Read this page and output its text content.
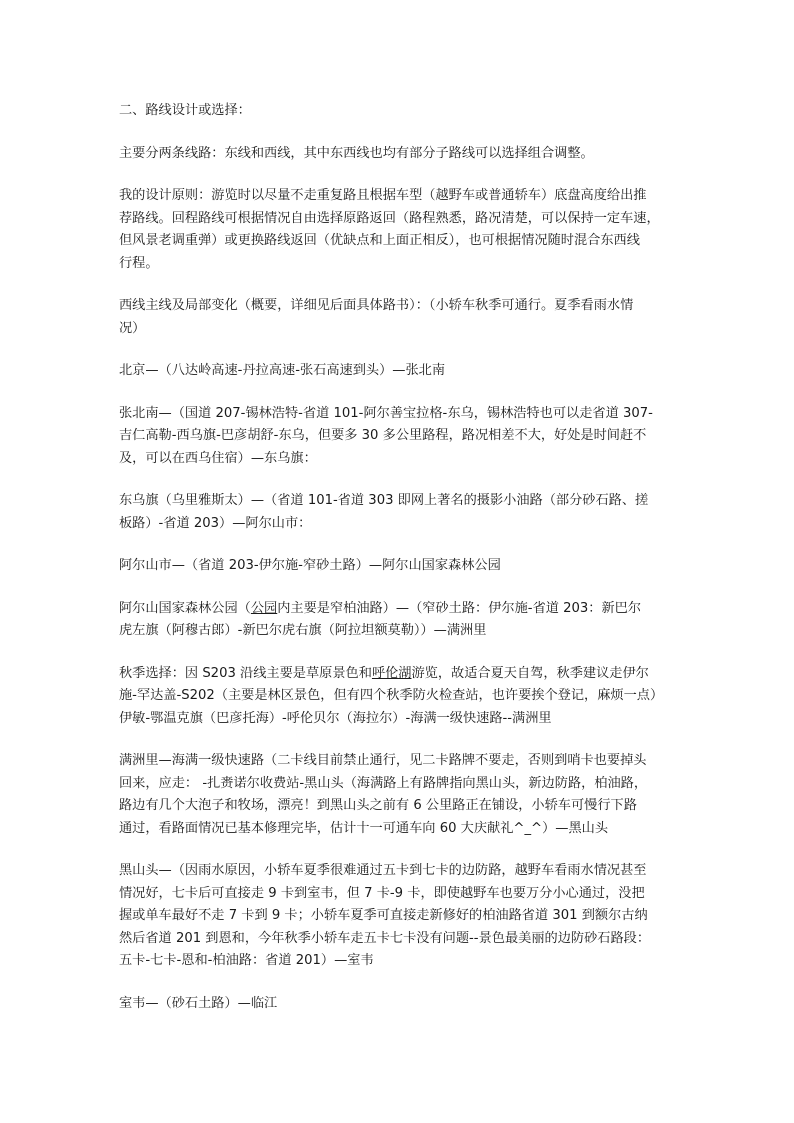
二、路线设计或选择：

主要分两条线路：东线和西线，其中东西线也均有部分子路线可以选择组合调整。

我的设计原则：游览时以尽量不走重复路且根据车型（越野车或普通轿车）底盘高度给出推
荐路线。回程路线可根据情况自由选择原路返回（路程熟悉，路况清楚，可以保持一定车速，
但风景老调重弹）或更换路线返回（优缺点和上面正相反），也可根据情况随时混合东西线
行程。

西线主线及局部变化（概要，详细见后面具体路书）：（小轿车秋季可通行。夏季看雨水情
况）

北京—（八达岭高速-丹拉高速-张石高速到头）—张北南

张北南—（国道 207-锡林浩特-省道 101-阿尔善宝拉格-东乌，锡林浩特也可以走省道 307-
吉仁高勒-西乌旗-巴彦胡舒-东乌，但要多 30 多公里路程，路况相差不大，好处是时间赶不
及，可以在西乌住宿）—东乌旗：

东乌旗（乌里雅斯太）—（省道 101-省道 303 即网上著名的摄影小油路（部分砂石路、搓
板路）-省道 203）—阿尔山市：

阿尔山市—（省道 203-伊尔施-窄砂土路）—阿尔山国家森林公园

阿尔山国家森林公园（公园内主要是窄柏油路）—（窄砂土路：伊尔施-省道 203：新巴尔
虎左旗（阿穆古郎）-新巴尔虎右旗（阿拉坦额莫勒））—满洲里

秋季选择：因 S203 沿线主要是草原景色和呼伦湖游览，故适合夏天自驾，秋季建议走伊尔
施-罕达盖-S202（主要是林区景色，但有四个秋季防火检查站，也许要挨个登记，麻烦一点）
伊敏-鄂温克旗（巴彦托海）-呼伦贝尔（海拉尔）-海满一级快速路--满洲里

满洲里—海满一级快速路（二卡线目前禁止通行，见二卡路牌不要走，否则到哨卡也要掉头
回来，应走： -扎赉诺尔收费站-黑山头（海满路上有路牌指向黑山头，新边防路，柏油路，
路边有几个大泡子和牧场，漂亮！到黑山头之前有 6 公里路正在铺设，小轿车可慢行下路
通过，看路面情况已基本修理完毕，估计十一可通车向 60 大庆献礼^_^）—黑山头

黑山头—（因雨水原因，小轿车夏季很难通过五卡到七卡的边防路，越野车看雨水情况甚至
情况好，七卡后可直接走 9 卡到室韦，但 7 卡-9 卡，即使越野车也要万分小心通过，没把
握或单车最好不走 7 卡到 9 卡；小轿车夏季可直接走新修好的柏油路省道 301 到额尔古纳
然后省道 201 到恩和，今年秋季小轿车走五卡七卡没有问题--景色最美丽的边防砂石路段：
五卡-七卡-恩和-柏油路：省道 201）—室韦

室韦—（砂石土路）—临江
